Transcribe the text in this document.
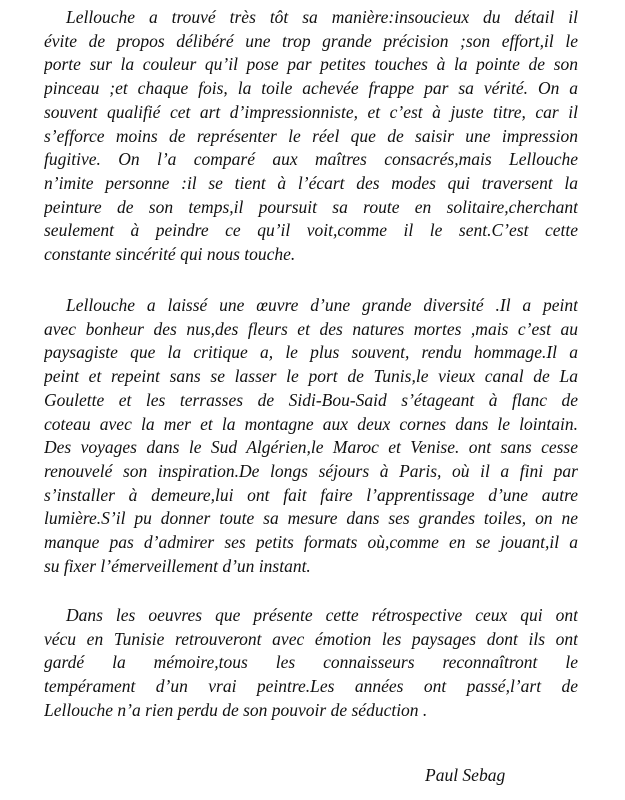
Lellouche a trouvé très tôt sa manière:insoucieux du détail il
évite de propos délibéré une trop grande précision ;son effort,il le
porte sur la couleur qu’il pose par petites touches à la pointe de son
pinceau ;et chaque fois, la toile achevée frappe par sa vérité. On a
souvent qualifié cet art d’impressionniste, et c’est à juste titre, car il
s’efforce moins de représenter le réel que de saisir une impression
fugitive. On l’a comparé aux maîtres consacrés,mais Lellouche
n’imite personne :il se tient à l’écart des modes qui traversent la
peinture de son temps,il poursuit sa route en solitaire,cherchant
seulement à peindre ce qu’il voit,comme il le sent.C’est cette
constante sincérité qui nous touche.
Lellouche a laissé une œuvre d’une grande diversité .Il a peint
avec bonheur des nus,des fleurs et des natures mortes ,mais c’est au
paysagiste que la critique a, le plus souvent, rendu hommage.Il a
peint et repeint sans se lasser le port de Tunis,le vieux canal de La
Goulette et les terrasses de Sidi-Bou-Said s’étageant à flanc de
coteau avec la mer et la montagne aux deux cornes dans le lointain.
Des voyages dans le Sud Algérien,le Maroc et Venise. ont sans cesse
renouvelé son inspiration.De longs séjours à Paris, où il a fini par
s’installer à demeure,lui ont fait faire l’apprentissage d’une autre
lumière.S’il pu donner toute sa mesure dans ses grandes toiles, on ne
manque pas d’admirer ses petits formats où,comme en se jouant,il a
su fixer l’émerveillement d’un instant.
Dans les oeuvres que présente cette rétrospective ceux qui ont
vécu en Tunisie retrouveront avec émotion les paysages dont ils ont
gardé la mémoire,tous les connaisseurs reconnaîtront le
tempérament d’un vrai peintre.Les années ont passé,l’art de
Lellouche n’a rien perdu de son pouvoir de séduction .

Paul Sebag
